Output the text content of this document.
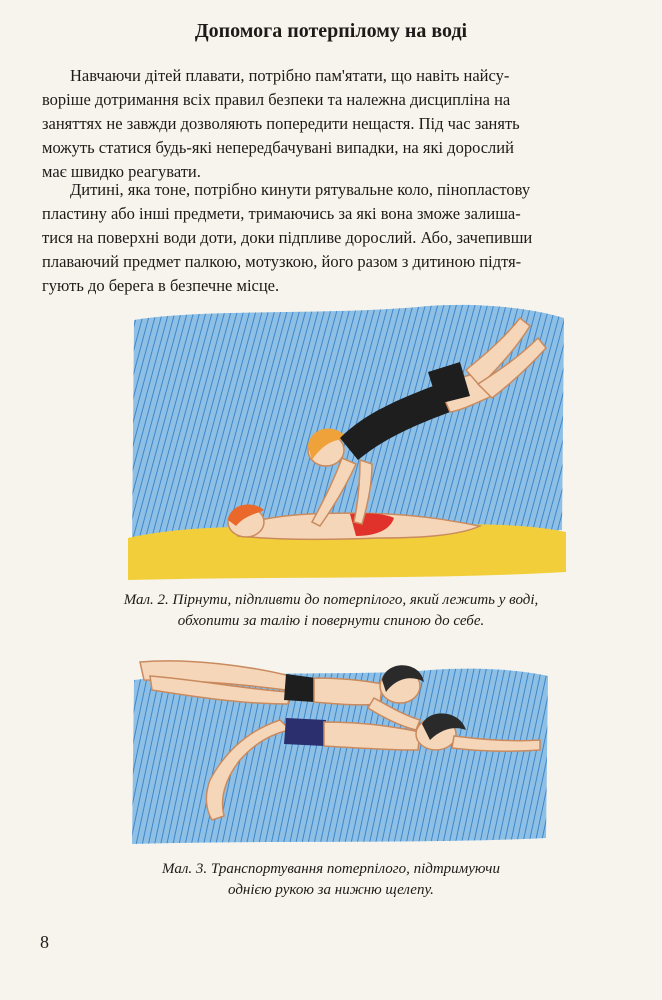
Допомога потерпілому на воді

Навчаючи дітей плавати, потрібно пам'ятати, що навіть найсу-
воріше дотримання всіх правил безпеки та належна дисципліна на
заняттях не завжди дозволяють попередити нещастя. Під час занять
можуть статися будь-які непередбачувані випадки, на які дорослий
має швидко реагувати.

Дитині, яка тоне, потрібно кинути рятувальне коло, пінопластову
пластину або інші предмети, тримаючись за які вона зможе залиша-
тися на поверхні води доти, доки підпливе дорослий. Або, зачепивши
плаваючий предмет палкою, мотузкою, його разом з дитиною підтя-
гують до берега в безпечне місце.

Мал. 2. Пірнути, підпливти до потерпілого, який лежить у воді,
обхопити за талію і повернути спиною до себе.
Мал. 3. Транспортування потерпілого, підтримуючи
однією рукою за нижню щелепу.
8
